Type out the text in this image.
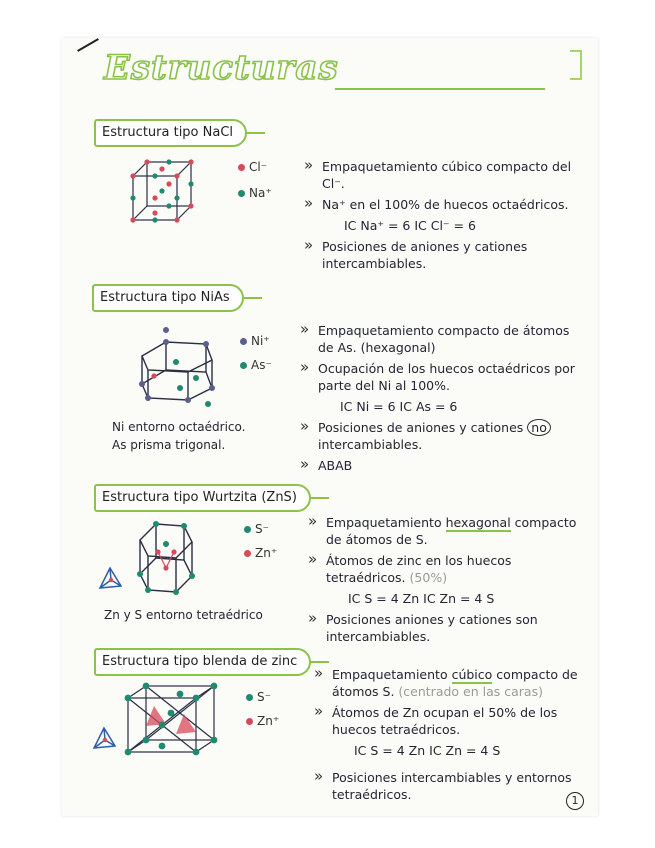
Estructuras
Estructura tipo NaCl
Cl⁻
Na⁺
» Empaquetamiento cúbico compacto del Cl⁻.
» Na⁺ en el 100% de huecos octaédricos.
IC Na⁺ = 6 IC Cl⁻ = 6
» Posiciones de aniones y cationes intercambiables.
Estructura tipo NiAs
Ni⁺
As⁻
» Empaquetamiento compacto de átomos de As. (hexagonal)
» Ocupación de los huecos octaédricos por parte del Ni al 100%.
IC Ni = 6 IC As = 6
» Posiciones de aniones y cationes no intercambiables.
» ABAB
Ni entorno octaédrico.
As prisma trigonal.
Estructura tipo Wurtzita (ZnS)
S⁻
Zn⁺
» Empaquetamiento hexagonal compacto de átomos de S.
» Átomos de zinc en los huecos tetraédricos. (50%)
IC S = 4 Zn IC Zn = 4 S
» Posiciones aniones y cationes son intercambiables.
Zn y S entorno tetraédrico
Estructura tipo blenda de zinc
S⁻
Zn⁺
» Empaquetamiento cúbico compacto de átomos S. (centrado en las caras)
» Átomos de Zn ocupan el 50% de los huecos tetraédricos.
IC S = 4 Zn IC Zn = 4 S
» Posiciones intercambiables y entornos tetraédricos.	1
